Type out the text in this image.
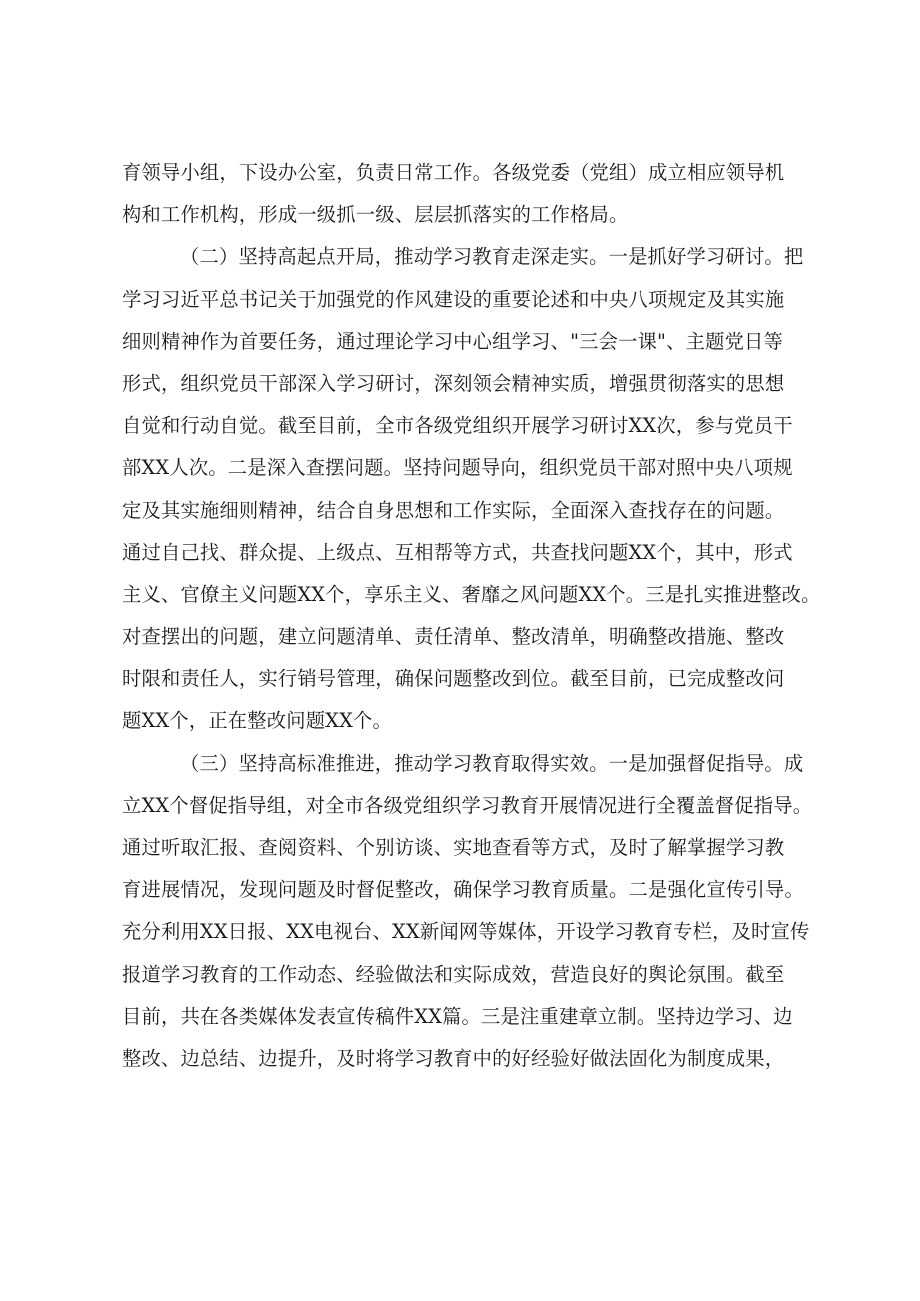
育领导小组，下设办公室，负责日常工作。各级党委（党组）成立相应领导机
构和工作机构，形成一级抓一级、层层抓落实的工作格局。
（二）坚持高起点开局，推动学习教育走深走实。一是抓好学习研讨。把
学习习近平总书记关于加强党的作风建设的重要论述和中央八项规定及其实施
细则精神作为首要任务，通过理论学习中心组学习、"三会一课"、主题党日等
形式，组织党员干部深入学习研讨，深刻领会精神实质，增强贯彻落实的思想
自觉和行动自觉。截至目前，全市各级党组织开展学习研讨XX次，参与党员干
部XX人次。二是深入查摆问题。坚持问题导向，组织党员干部对照中央八项规
定及其实施细则精神，结合自身思想和工作实际，全面深入查找存在的问题。
通过自己找、群众提、上级点、互相帮等方式，共查找问题XX个，其中，形式
主义、官僚主义问题XX个，享乐主义、奢靡之风问题XX个。三是扎实推进整改。
对查摆出的问题，建立问题清单、责任清单、整改清单，明确整改措施、整改
时限和责任人，实行销号管理，确保问题整改到位。截至目前，已完成整改问
题XX个，正在整改问题XX个。
（三）坚持高标准推进，推动学习教育取得实效。一是加强督促指导。成
立XX个督促指导组，对全市各级党组织学习教育开展情况进行全覆盖督促指导。
通过听取汇报、查阅资料、个别访谈、实地查看等方式，及时了解掌握学习教
育进展情况，发现问题及时督促整改，确保学习教育质量。二是强化宣传引导。
充分利用XX日报、XX电视台、XX新闻网等媒体，开设学习教育专栏，及时宣传
报道学习教育的工作动态、经验做法和实际成效，营造良好的舆论氛围。截至
目前，共在各类媒体发表宣传稿件XX篇。三是注重建章立制。坚持边学习、边
整改、边总结、边提升，及时将学习教育中的好经验好做法固化为制度成果，
